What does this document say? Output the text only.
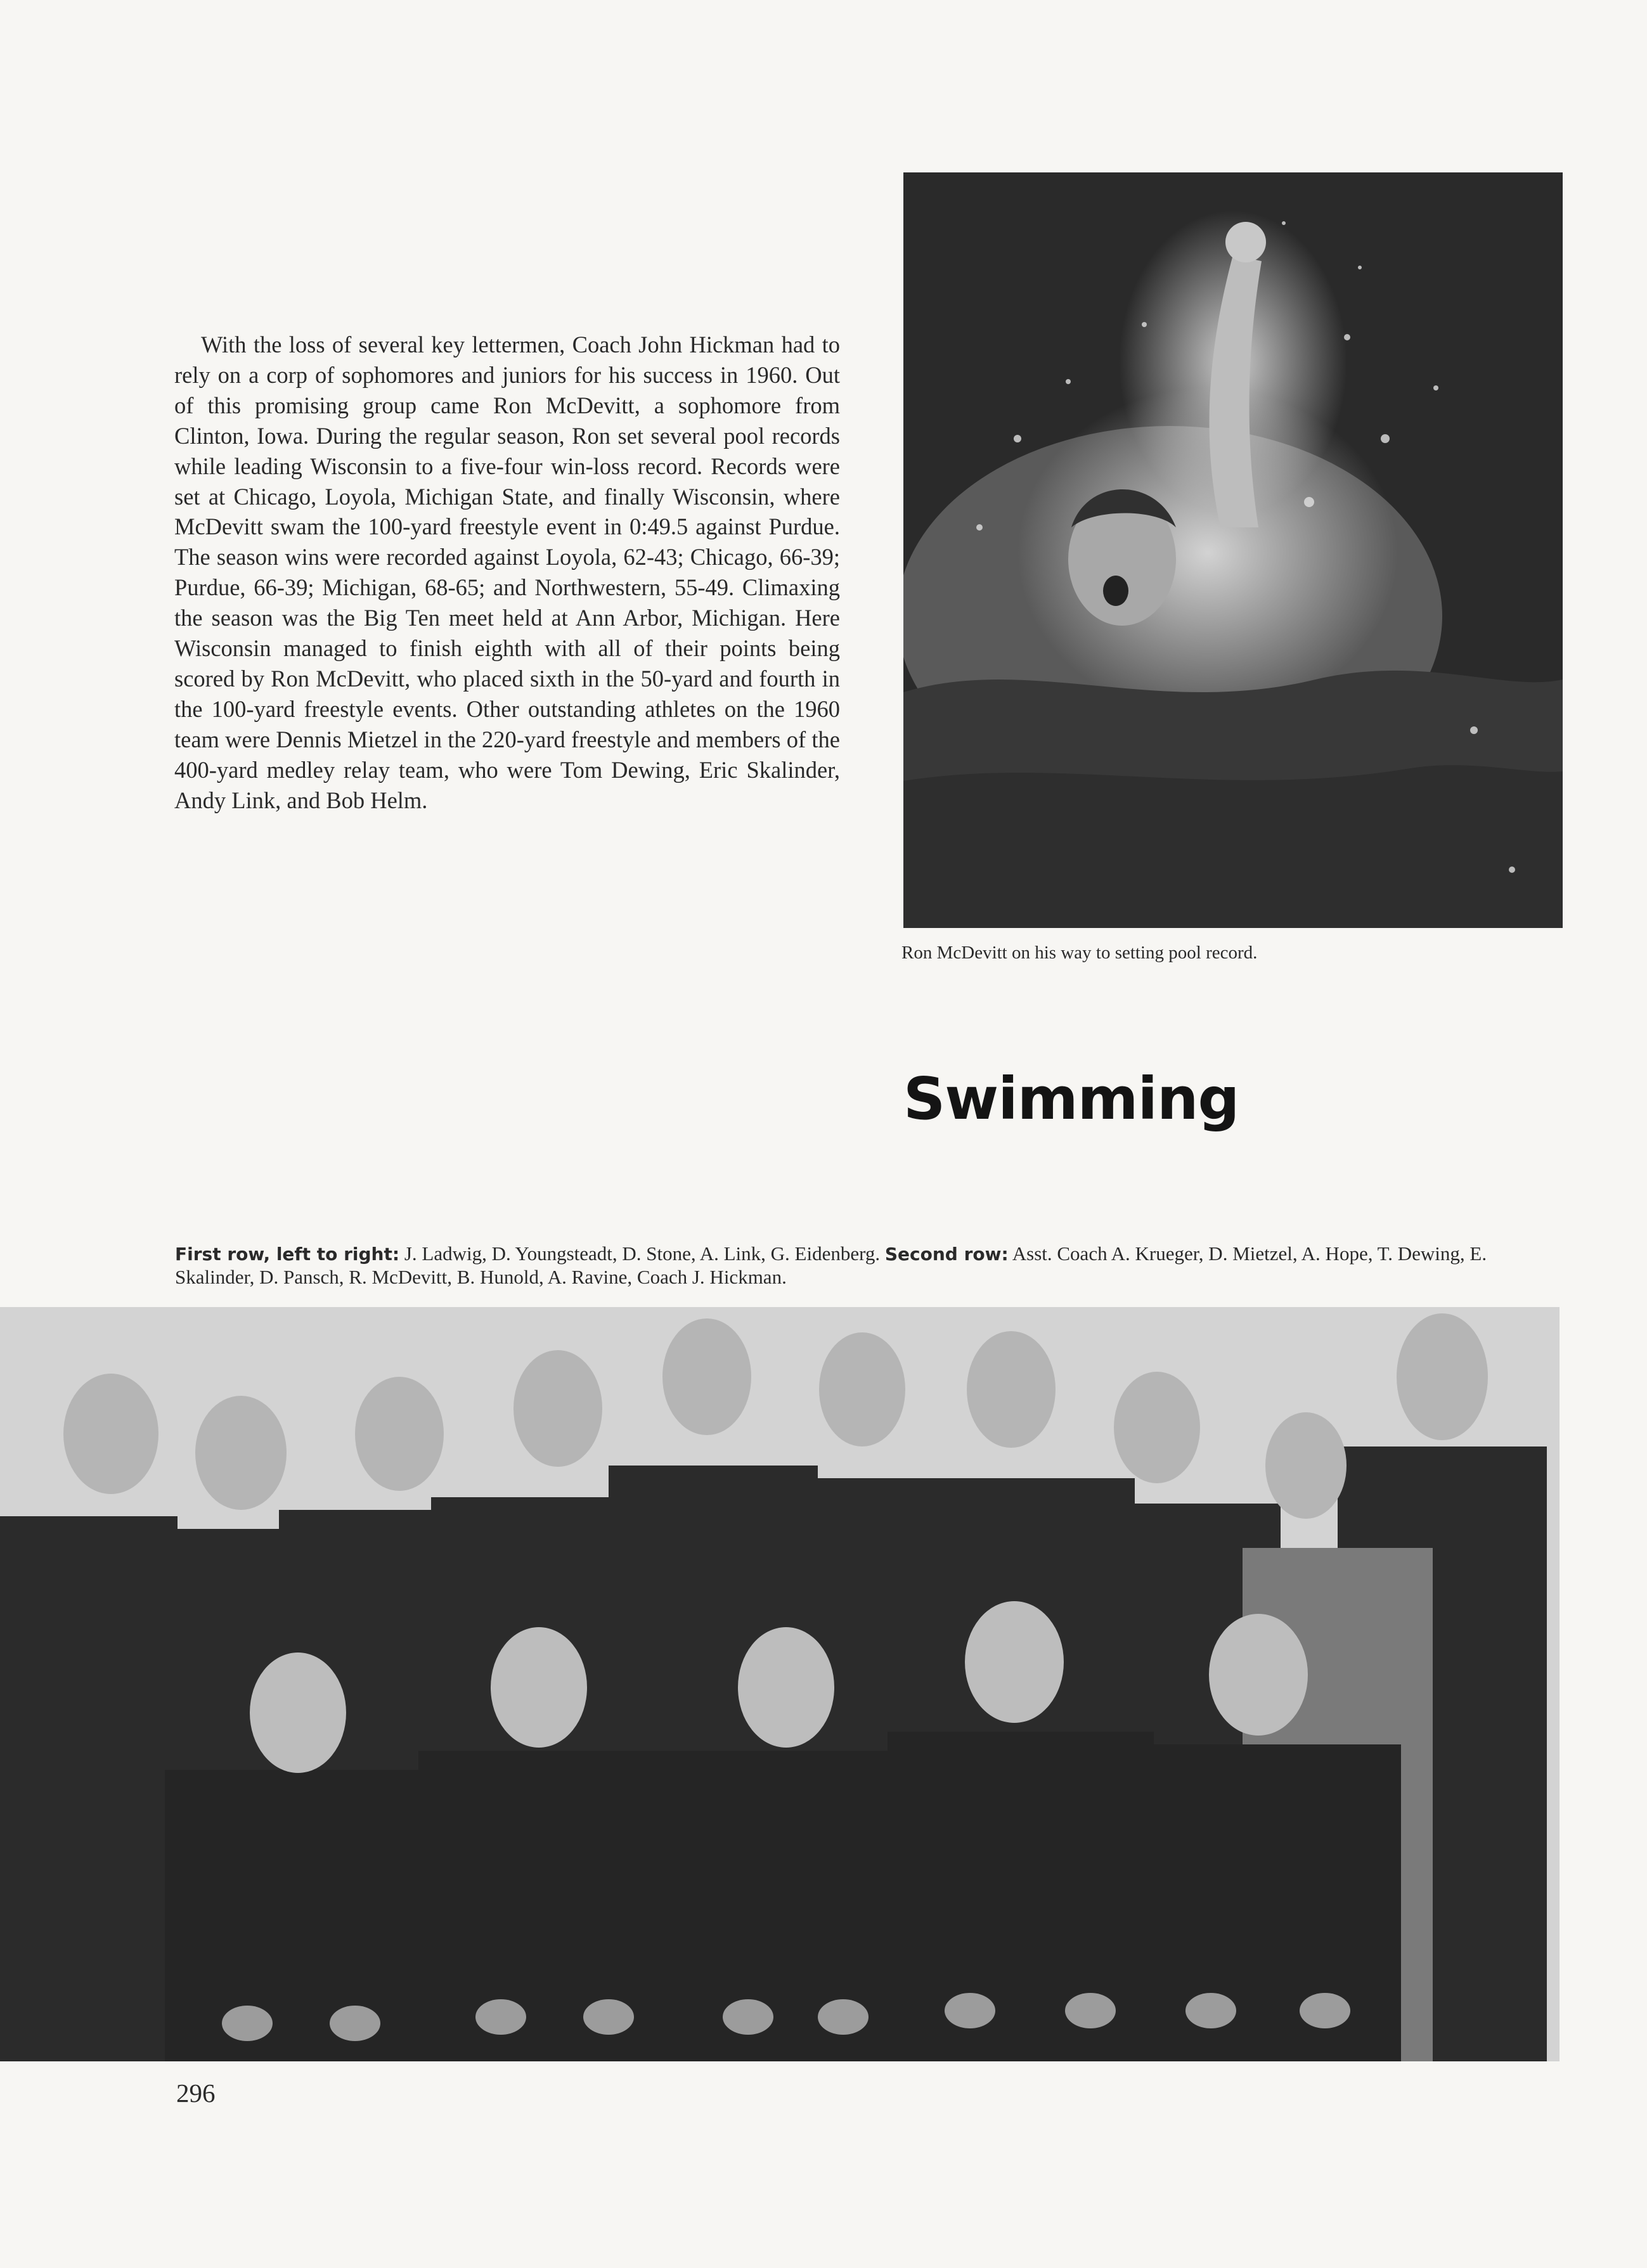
With the loss of several key lettermen, Coach John Hickman had to rely on a corp of sophomores and juniors for his success in 1960. Out of this promising group came Ron McDevitt, a sophomore from Clinton, Iowa. During the regular season, Ron set several pool records while leading Wisconsin to a five-four win-loss record. Records were set at Chicago, Loyola, Michigan State, and finally Wisconsin, where McDevitt swam the 100-yard freestyle event in 0:49.5 against Purdue. The season wins were recorded against Loyola, 62-43; Chicago, 66-39; Purdue, 66-39; Michigan, 68-65; and Northwestern, 55-49. Climaxing the season was the Big Ten meet held at Ann Arbor, Michigan. Here Wisconsin managed to finish eighth with all of their points being scored by Ron McDevitt, who placed sixth in the 50-yard and fourth in the 100-yard freestyle events. Other outstanding athletes on the 1960 team were Dennis Mietzel in the 220-yard freestyle and members of the 400-yard medley relay team, who were Tom Dewing, Eric Skalinder, Andy Link, and Bob Helm.

Ron McDevitt on his way to setting pool record.
Swimming

First row, left to right: J. Ladwig, D. Youngsteadt, D. Stone, A. Link, G. Eidenberg. Second row: Asst. Coach A. Krueger, D. Mietzel, A. Hope, T. Dewing, E. Skalinder, D. Pansch, R. McDevitt, B. Hunold, A. Ravine, Coach J. Hickman.

296
